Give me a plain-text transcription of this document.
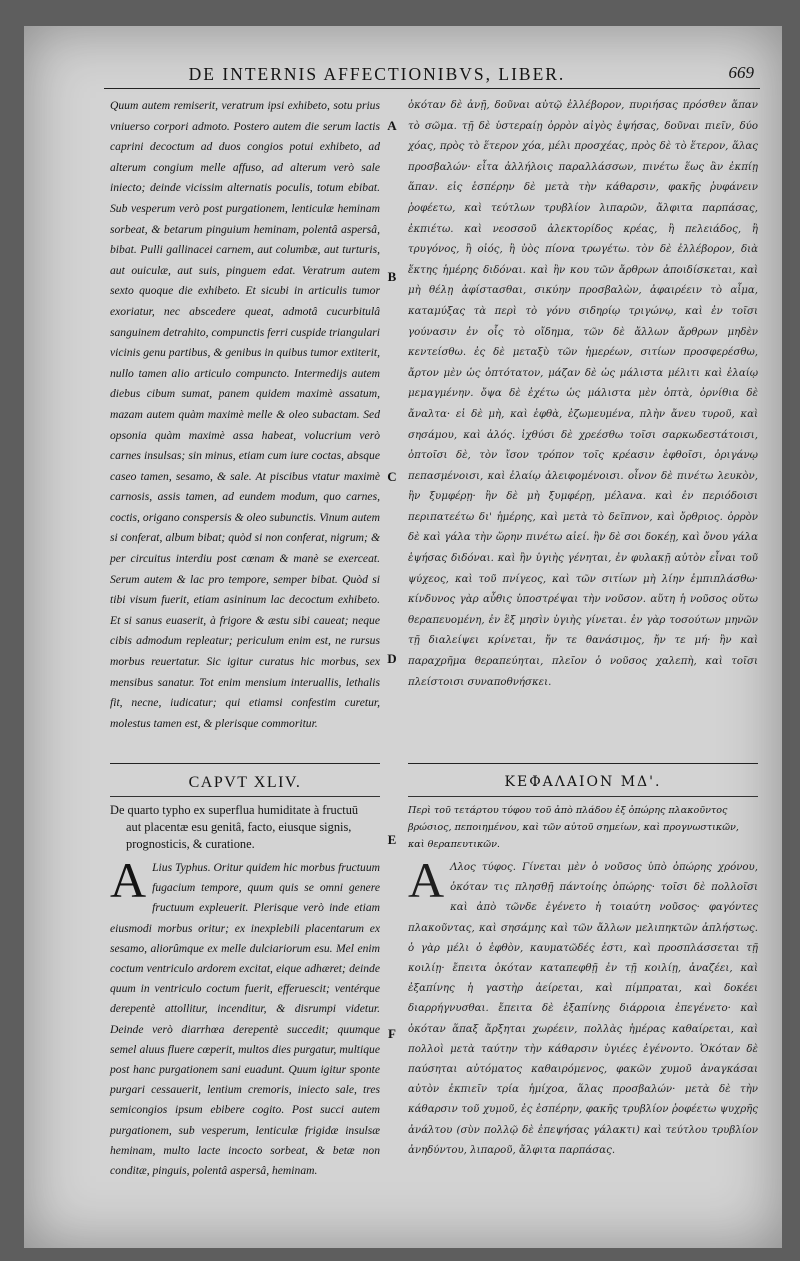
DE INTERNIS AFFECTIONIBVS, LIBER.	669

Quum autem remiserit, veratrum ipsi exhibeto, sotu prius vniuerso corpori admoto. Postero autem die serum lactis caprini decoctum ad duos congios potui exhibeto, ad alterum congium melle affuso, ad alterum verò sale iniecto; deinde vicissim alternatis poculis, totum ebibat. Sub vesperum verò post purgationem, lenticulæ heminam sorbeat, & betarum pinguium heminam, polentâ aspersâ, bibat. Pulli gallinacei carnem, aut columbæ, aut turturis, aut ouiculæ, aut suis, pinguem edat. Veratrum autem sexto quoque die exhibeto. Et sicubi in articulis tumor exoriatur, nec abscedere queat, admotâ cucurbitulâ sanguinem detrahito, compunctis ferri cuspide triangulari vicinis genu partibus, & genibus in quibus tumor extiterit, nullo tamen alio articulo compuncto. Intermedijs autem diebus cibum sumat, panem quidem maximè assatum, mazam autem quàm maximè melle & oleo subactam. Sed opsonia quàm maximè assa habeat, volucrium verò carnes insulsas; sin minus, etiam cum iure coctas, absque caseo tamen, sesamo, & sale. At piscibus vtatur maximè carnosis, assis tamen, ad eundem modum, quo carnes, coctis, origano conspersis & oleo subunctis. Vinum autem si conferat, album bibat; quòd si non conferat, nigrum; & per circuitus interdiu post cœnam & manè se exerceat. Serum autem & lac pro tempore, semper bibat. Quòd si tibi visum fuerit, etiam asininum lac decoctum exhibeto. Et si sanus euaserit, à frigore & æstu sibi caueat; neque cibis admodum repleatur; periculum enim est, ne rursus morbus reuertatur. Sic igitur curatus hic morbus, sex mensibus sanatur. Tot enim mensium interuallis, lethalis fit, necne, iudicatur; qui etiamsi confestim curetur, molestus tamen est, & plerisque commoritur.

ὁκόταν δὲ ἀνῇ, δοῦναι αὐτῷ ἐλλέβορον, πυριήσας πρόσθεν ἅπαν τὸ σῶμα. τῇ δὲ ὑστεραίῃ ὀρρὸν αἰγὸς ἑψήσας, δοῦναι πιεῖν, δύο χόας, πρὸς τὸ ἕτερον χόα, μέλι προσχέας, πρὸς δὲ τὸ ἕτερον, ἅλας προσβαλών· εἶτα ἀλλήλοις παραλλάσσων, πινέτω ἕως ἂν ἐκπίῃ ἅπαν. εἰς ἑσπέρην δὲ μετὰ τὴν κάθαρσιν, φακῆς ῥυφάνειν ῥοφέετω, καὶ τεύτλων τρυβλίον λιπαρῶν, ἄλφιτα παρπάσας, ἐκπιέτω. καὶ νεοσσοῦ ἀλεκτορίδος κρέας, ἢ πελειάδος, ἢ τρυγόνος, ἢ οἰός, ἢ ὑὸς πίονα τρωγέτω. τὸν δὲ ἐλλέβορον, διὰ ἕκτης ἡμέρης διδόναι. καὶ ἢν κου τῶν ἄρθρων ἀποιδίσκεται, καὶ μὴ θέλῃ ἀφίστασθαι, σικύην προσβαλὼν, ἀφαιρέειν τὸ αἷμα, καταμύξας τὰ περὶ τὸ γόνυ σιδηρίῳ τριγώνῳ, καὶ ἐν τοῖσι γούνασιν ἐν οἷς τὸ οἴδημα, τῶν δὲ ἄλλων ἄρθρων μηδὲν κεντείσθω. ἐς δὲ μεταξὺ τῶν ἡμερέων, σιτίων προσφερέσθω, ἄρτον μὲν ὡς ὀπτότατον, μάζαν δὲ ὡς μάλιστα μέλιτι καὶ ἐλαίῳ μεμαγμένην. ὄψα δὲ ἐχέτω ὡς μάλιστα μὲν ὀπτὰ, ὀρνίθια δὲ ἄναλτα· εἰ δὲ μὴ, καὶ ἑφθὰ, ἐζωμευμένα, πλὴν ἄνευ τυροῦ, καὶ σησάμου, καὶ ἁλός. ἰχθύσι δὲ χρεέσθω τοῖσι σαρκωδεστάτοισι, ὀπτοῖσι δὲ, τὸν ἴσον τρόπον τοῖς κρέασιν ἑφθοῖσι, ὀριγάνῳ πεπασμένοισι, καὶ ἐλαίῳ ἀλειφομένοισι. οἶνον δὲ πινέτω λευκὸν, ἢν ξυμφέρῃ· ἢν δὲ μὴ ξυμφέρῃ, μέλανα. καὶ ἐν περιόδοισι περιπατεέτω δι' ἡμέρης, καὶ μετὰ τὸ δεῖπνον, καὶ ὄρθριος. ὀρρὸν δὲ καὶ γάλα τὴν ὥρην πινέτω αἰεί. ἢν δὲ σοι δοκέῃ, καὶ ὄνου γάλα ἑψήσας διδόναι. καὶ ἢν ὑγιὴς γένηται, ἐν φυλακῇ αὐτὸν εἶναι τοῦ ψύχεος, καὶ τοῦ πνίγεος, καὶ τῶν σιτίων μὴ λίην ἐμπιπλάσθω· κίνδυνος γὰρ αὖθις ὑποστρέψαι τὴν νοῦσον. αὕτη ἡ νοῦσος οὕτω θεραπευομένη, ἐν ἓξ μησὶν ὑγιὴς γίνεται. ἐν γὰρ τοσούτων μηνῶν τῇ διαλείψει κρίνεται, ἤν τε θανάσιμος, ἤν τε μή· ἢν καὶ παραχρῆμα θεραπεύηται, πλεῖον ὁ νοῦσος χαλεπὴ, καὶ τοῖσι πλείστοισι συναποθνήσκει.

A
B
C
D
E
F
CAPVT XLIV.	ΚΕΦΑΛΑΙΟΝ ΜΔ'.
De quarto typho ex superflua humiditate à fructuū
aut placentæ esu genitâ, facto, eiusque signis, prognosticis, & curatione.
Περὶ τοῦ τετάρτου τύφου τοῦ ἀπὸ πλάδου ἐξ ὀπώρης πλακοῦντος βρώσιος, πεποιημένου, καὶ τῶν αὐτοῦ σημείων, καὶ προγνωστικῶν, καὶ θεραπευτικῶν.
A Lius Typhus. Oritur quidem hic morbus fructuum fugacium tempore, quum quis se omni genere fructuum expleuerit. Plerisque verò inde etiam eiusmodi morbus oritur; ex inexplebili placentarum ex sesamo, aliorûmque ex melle dulciariorum esu. Mel enim coctum ventriculo ardorem excitat, eique adhæret; deinde quum in ventriculo coctum fuerit, efferuescit; ventérque derepentè attollitur, incenditur, & disrumpi videtur. Deinde verò diarrhœa derepentè succedit; quumque semel aluus fluere cœperit, multos dies purgatur, multique post hanc purgationem sani euadunt. Quum igitur sponte purgari cessauerit, lentium cremoris, iniecto sale, tres semicongios ipsum ebibere cogito. Post succi autem purgationem, sub vesperum, lenticulæ frigidæ insulsæ heminam, multo lacte incocto sorbeat, & betæ non conditæ, pinguis, polentâ aspersâ, heminam.
Α Λλος τύφος. Γίνεται μὲν ὁ νοῦσος ὑπὸ ὀπώρης χρόνου, ὁκόταν τις πλησθῇ πάντοίης ὀπώρης· τοῖσι δὲ πολλοῖσι καὶ ἀπὸ τῶνδε ἐγένετο ἡ τοιαύτη νοῦσος· φαγόντες πλακοῦντας, καὶ σησάμης καὶ τῶν ἄλλων μελιπηκτῶν ἀπλήστως. ὁ γὰρ μέλι ὁ ἑφθὸν, καυματῶδές ἐστι, καὶ προσπλάσσεται τῇ κοιλίῃ· ἔπειτα ὁκόταν καταπεφθῇ ἐν τῇ κοιλίῃ, ἀναζέει, καὶ ἐξαπίνης ἡ γαστὴρ ἀείρεται, καὶ πίμπραται, καὶ δοκέει διαρρήγνυσθαι. ἔπειτα δὲ ἐξαπίνης διάρροια ἐπεγένετο· καὶ ὁκόταν ἅπαξ ἄρξηται χωρέειν, πολλὰς ἡμέρας καθαίρεται, καὶ πολλοὶ μετὰ ταύτην τὴν κάθαρσιν ὑγιέες ἐγένοντο. Ὁκόταν δὲ παύσηται αὐτόματος καθαιρόμενος, φακῶν χυμοῦ ἀναγκάσαι αὐτὸν ἐκπιεῖν τρία ἡμίχοα, ἅλας προσβαλών· μετὰ δὲ τὴν κάθαρσιν τοῦ χυμοῦ, ἐς ἑσπέρην, φακῆς τρυβλίον ῥοφέετω ψυχρῆς ἀνάλτου (σὺν πολλῷ δὲ ἐπεψήσας γάλακτι) καὶ τεύτλου τρυβλίον ἀνηδύντου, λιπαροῦ, ἄλφιτα παρπάσας.
